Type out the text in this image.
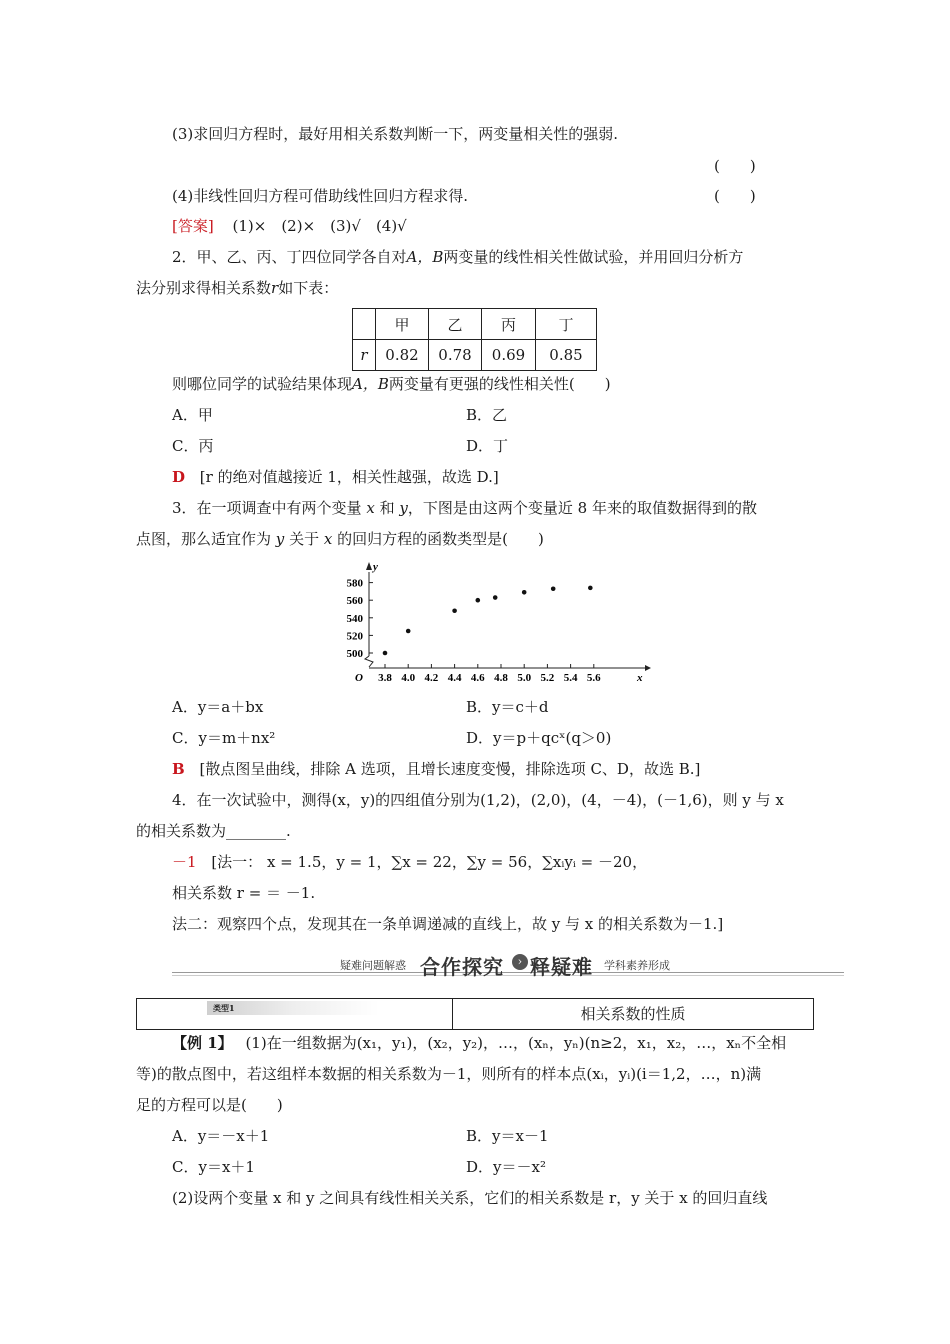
(3)求回归方程时，最好用相关系数判断一下，两变量相关性的强弱.
(　　)
(4)非线性回归方程可借助线性回归方程求得.	(　　)
[答案] (1)×　(2)×　(3)√　(4)√
2．甲、乙、丙、丁四位同学各自对A，B两变量的线性相关性做试验，并用回归分析方
法分别求得相关系数r如下表：
	甲	乙	丙	丁
r	0.82	0.78	0.69	0.85
则哪位同学的试验结果体现A，B两变量有更强的线性相关性(　　)
A．甲	B．乙
C．丙	D．丁
D [r 的绝对值越接近 1，相关性越强，故选 D.]
3．在一项调查中有两个变量 x 和 y，下图是由这两个变量近 8 年来的取值数据得到的散
点图，那么适宜作为 y 关于 x 的回归方程的函数类型是(　　)
y
x
O 3.8 4.0 4.2 4.4 4.6 4.8 5.0 5.2 5.4 5.6
500
520
540
560
580
A．y＝a＋bx	B．y＝c＋d
C．y＝m＋nx²	D．y＝p＋qcˣ(q＞0)
B [散点图呈曲线，排除 A 选项，且增长速度变慢，排除选项 C、D，故选 B.]
4．在一次试验中，测得(x，y)的四组值分别为(1,2)，(2,0)，(4，－4)，(－1,6)，则 y 与 x
的相关系数为________.
－1 [法一： x = 1.5，y = 1，∑x = 22，∑y = 56，∑xᵢyᵢ = －20，
相关系数 r = ＝ －1.
法二：观察四个点，发现其在一条单调递减的直线上，故 y 与 x 的相关系数为－1.]
疑难问题解惑 合作探究	› 释疑难 学科素养形成
类型1	相关系数的性质
【例 1】 (1)在一组数据为(x₁，y₁)，(x₂，y₂)，…，(xₙ，yₙ)(n≥2，x₁，x₂，…，xₙ不全相
等)的散点图中，若这组样本数据的相关系数为－1，则所有的样本点(xᵢ，yᵢ)(i＝1,2，…，n)满
足的方程可以是(　　)
A．y＝－x＋1	B．y＝x－1
C．y＝x＋1	D．y＝－x²
(2)设两个变量 x 和 y 之间具有线性相关关系，它们的相关系数是 r，y 关于 x 的回归直线
